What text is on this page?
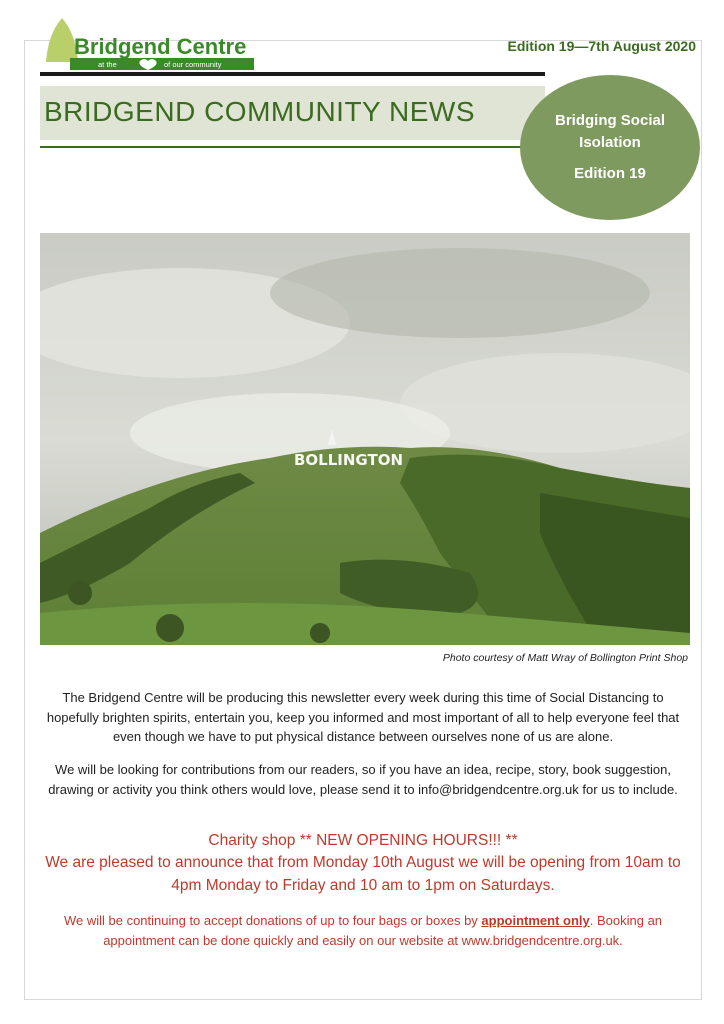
Bridgend Centre
at the	of our community
Edition 19—7th August 2020
BRIDGEND COMMUNITY NEWS	Bridging Social
Isolation
Edition 19
BOLLINGTON
Photo courtesy of Matt Wray of Bollington Print Shop
The Bridgend Centre will be producing this newsletter every week during this time of Social Distancing to hopefully brighten spirits, entertain you, keep you informed and most important of all to help everyone feel that even though we have to put physical distance between ourselves none of us are alone.
We will be looking for contributions from our readers, so if you have an idea, recipe, story, book suggestion, drawing or activity you think others would love, please send it to info@bridgendcentre.org.uk for us to include.
Charity shop ** NEW OPENING HOURS!!! **
We are pleased to announce that from Monday 10th August we will be opening from 10am to 4pm Monday to Friday and 10 am to 1pm on Saturdays.
We will be continuing to accept donations of up to four bags or boxes by appointment only. Booking an appointment can be done quickly and easily on our website at www.bridgendcentre.org.uk.
